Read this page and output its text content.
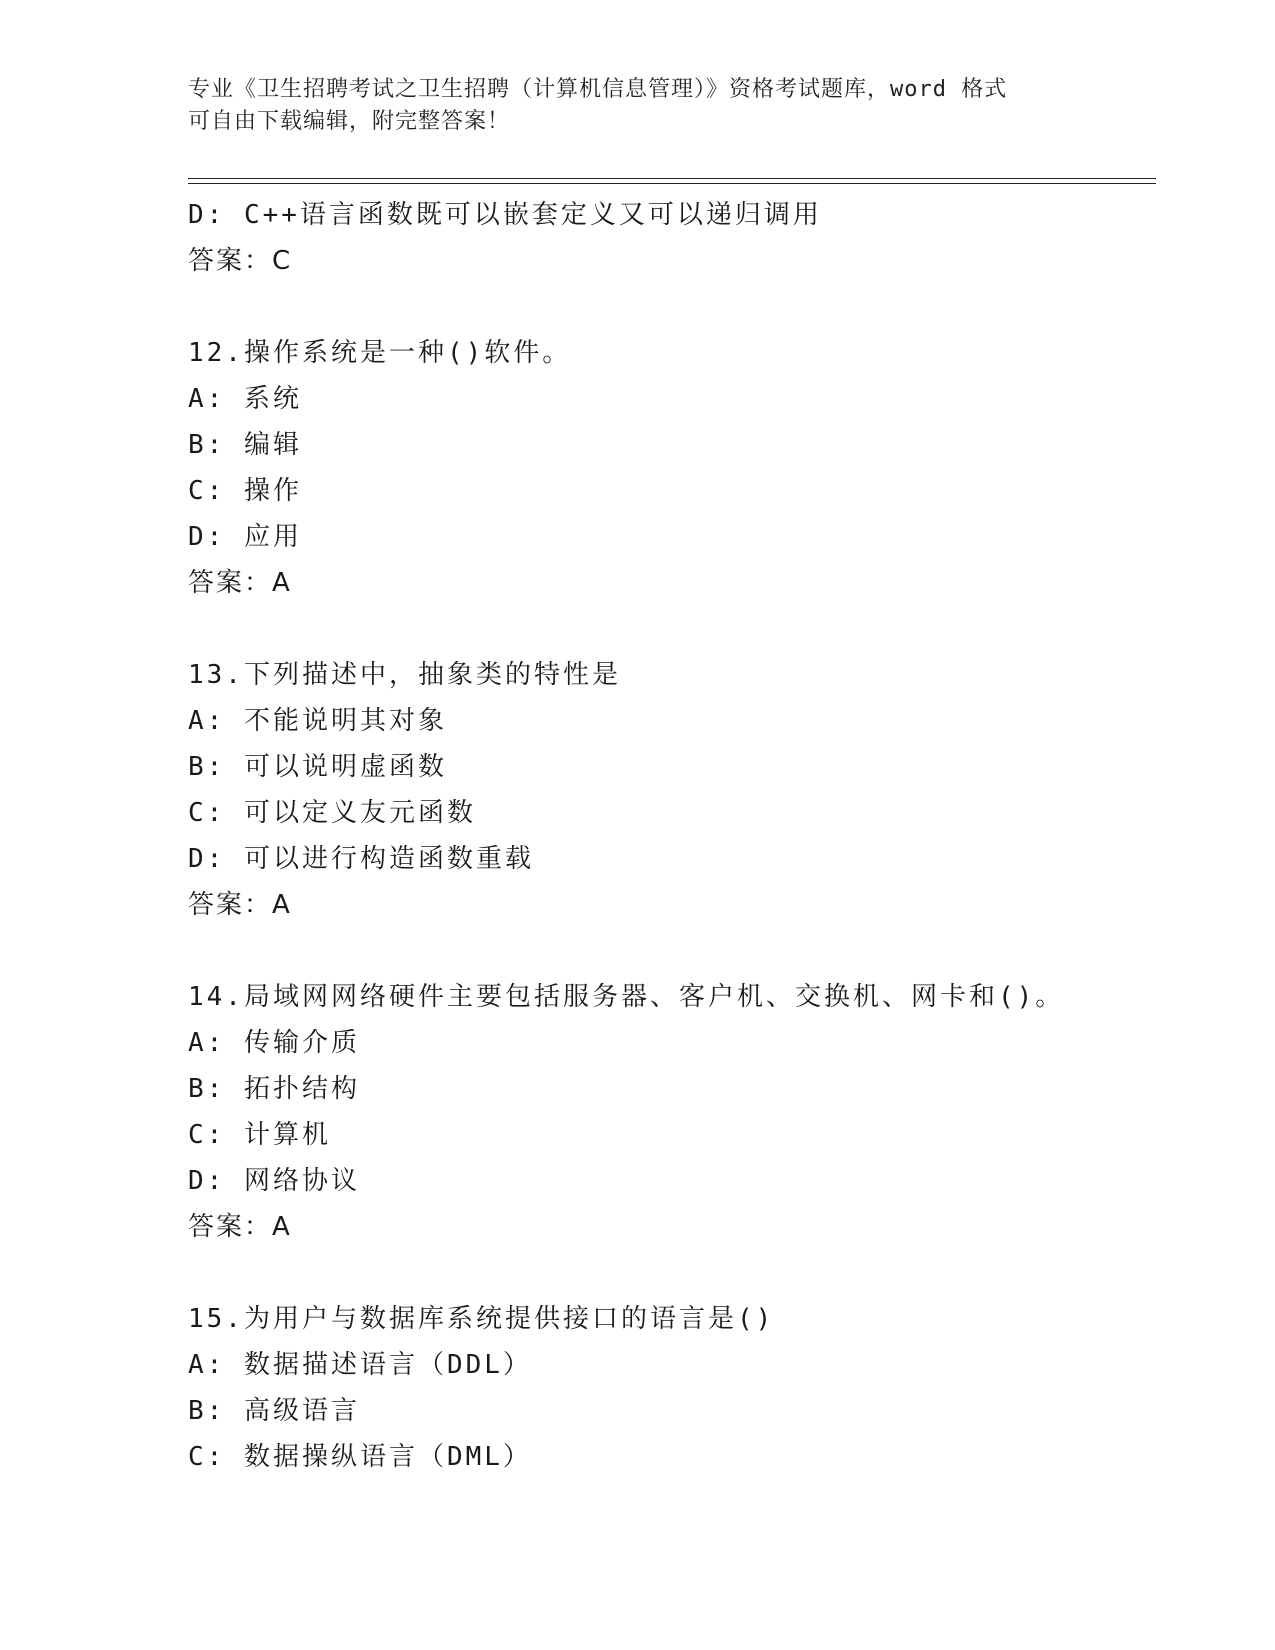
专业《卫生招聘考试之卫生招聘（计算机信息管理）》资格考试题库，word 格式
可自由下载编辑，附完整答案！
D: C++语言函数既可以嵌套定义又可以递归调用
答案：C
12.操作系统是一种()软件。
A: 系统
B: 编辑
C: 操作
D: 应用
答案：A
13.下列描述中，抽象类的特性是
A: 不能说明其对象
B: 可以说明虚函数
C: 可以定义友元函数
D: 可以进行构造函数重载
答案：A
14.局域网网络硬件主要包括服务器、客户机、交换机、网卡和()。
A: 传输介质
B: 拓扑结构
C: 计算机
D: 网络协议
答案：A
15.为用户与数据库系统提供接口的语言是()
A: 数据描述语言（DDL）
B: 高级语言
C: 数据操纵语言（DML）
